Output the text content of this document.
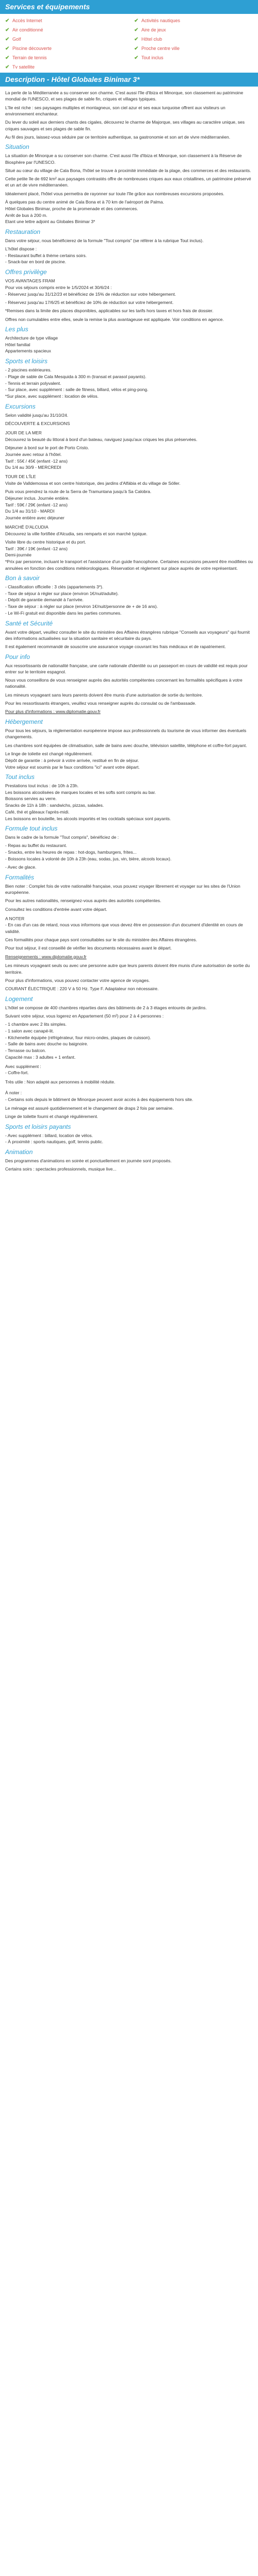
Services et équipements
✔ Accès Internet	✔ Activités nautiques
✔ Air conditionné	✔ Aire de jeux
✔ Golf	✔ Hôtel club
✔ Piscine découverte	✔ Proche centre ville
✔ Terrain de tennis	✔ Tout inclus
✔ Tv satellite
Description - Hôtel Globales Binimar 3*

La perle de la Méditerranée a su conserver son charme. C'est aussi l'île d'Ibiza et Minorque, son classement au patrimoine mondial de l'UNESCO, et ses plages de sable fin, criques et villages typiques.

L'île est riche : ses paysages multiples et montagneux, son ciel azur et ses eaux turquoise offrent aux visiteurs un environnement enchanteur.

Du lever du soleil aux derniers chants des cigales, découvrez le charme de Majorque, ses villages au caractère unique, ses criques sauvages et ses plages de sable fin.

Au fil des jours, laissez-vous séduire par ce territoire authentique, sa gastronomie et son art de vivre méditerranéen.

Situation

La situation de Minorque a su conserver son charme. C'est aussi l'île d'Ibiza et Minorque, son classement à la Réserve de Biosphère par l'UNESCO.

Situé au cœur du village de Cala Bona, l'hôtel se trouve à proximité immédiate de la plage, des commerces et des restaurants.

Cette petite île de 692 km² aux paysages contrastés offre de nombreuses criques aux eaux cristallines, un patrimoine préservé et un art de vivre méditerranéen.

Idéalement placé, l'hôtel vous permettra de rayonner sur toute l'île grâce aux nombreuses excursions proposées.

À quelques pas du centre animé de Cala Bona et à 70 km de l'aéroport de Palma.

Hôtel Globales Binimar, proche de la promenade et des commerces.

Arrêt de bus à 200 m.

Etant une lettre adjoint au Globales Binimar 3*

Restauration

Dans votre séjour, nous bénéficierez de la formule "Tout compris" (se référer à la rubrique Tout inclus).

L'hôtel dispose :

- Restaurant buffet à thème certains soirs.

- Snack-bar en bord de piscine.

Offres privilège

VOS AVANTAGES FRAM

Pour vos séjours compris entre le 1/5/2024 et 30/6/24 :

- Réservez jusqu'au 31/12/23 et bénéficiez de 15% de réduction sur votre hébergement.

- Réservez jusqu'au 17/6/25 et bénéficiez de 10% de réduction sur votre hébergement.

*Remises dans la limite des places disponibles, applicables sur les tarifs hors taxes et hors frais de dossier.

Offres non cumulables entre elles, seule la remise la plus avantageuse est appliquée. Voir conditions en agence.

Les plus

Architecture de type village

Hôtel familial

Appartements spacieux

Sports et loisirs

- 2 piscines extérieures.

- Plage de sable de Cala Mesquida à 300 m (transat et parasol payants).

- Tennis et terrain polyvalent.

- Sur place, avec supplément : salle de fitness, billard, vélos et ping-pong.

*Sur place, avec supplément : location de vélos.

Excursions

Selon validité jusqu'au 31/10/24.

DÉCOUVERTE & EXCURSIONS

JOUR DE LA MER

Découvrez la beauté du littoral à bord d'un bateau, naviguez jusqu'aux criques les plus préservées.

Déjeuner à bord sur le port de Porto Cristo.

Journée avec retour à l'hôtel.

Tarif : 55€ / 45€ (enfant -12 ans)

Du 1/4 au 30/9 - MERCREDI

TOUR DE L'ÎLE

Visite de Valldemossa et son centre historique, des jardins d'Alfàbia et du village de Sóller.

Puis vous prendrez la route de la Serra de Tramuntana jusqu'à Sa Calobra.

Déjeuner inclus. Journée entière.

Tarif : 59€ / 29€ (enfant -12 ans)

Du 1/4 au 31/10 - MARDI

Journée entière avec déjeuner

MARCHÉ D'ALCUDIA

Découvrez la ville fortifiée d'Alcudia, ses remparts et son marché typique.

Visite libre du centre historique et du port.

Tarif : 39€ / 19€ (enfant -12 ans)

Demi-journée

*Prix par personne, incluant le transport et l'assistance d'un guide francophone. Certaines excursions peuvent être modifiées ou annulées en fonction des conditions météorologiques. Réservation et règlement sur place auprès de votre représentant.

Bon à savoir

- Classification officielle : 3 clés (appartements 3*).

- Taxe de séjour à régler sur place (environ 1€/nuit/adulte).

- Dépôt de garantie demandé à l'arrivée.

- Taxe de séjour : à régler sur place (environ 1€/nuit/personne de + de 16 ans).

- Le Wi-Fi gratuit est disponible dans les parties communes.

Santé et Sécurité

Avant votre départ, veuillez consulter le site du ministère des Affaires étrangères rubrique "Conseils aux voyageurs" qui fournit des informations actualisées sur la situation sanitaire et sécuritaire du pays.

Il est également recommandé de souscrire une assurance voyage couvrant les frais médicaux et de rapatriement.

Pour info

Aux ressortissants de nationalité française, une carte nationale d'identité ou un passeport en cours de validité est requis pour entrer sur le territoire espagnol.

Nous vous conseillons de vous renseigner auprès des autorités compétentes concernant les formalités spécifiques à votre nationalité.

Les mineurs voyageant sans leurs parents doivent être munis d'une autorisation de sortie du territoire.

Pour les ressortissants étrangers, veuillez vous renseigner auprès du consulat ou de l'ambassade.

Pour plus d'informations : www.diplomatie.gouv.fr

Hébergement

Pour tous les séjours, la réglementation européenne impose aux professionnels du tourisme de vous informer des éventuels changements.

Les chambres sont équipées de climatisation, salle de bains avec douche, télévision satellite, téléphone et coffre-fort payant.

Le linge de toilette est changé régulièrement.

Dépôt de garantie : à prévoir à votre arrivée, restitué en fin de séjour.

Votre séjour est soumis par le faux conditions "ici" avant votre départ.

Tout inclus

Prestations tout inclus : de 10h à 23h.

Les boissons alcoolisées de marques locales et les softs sont compris au bar.

Boissons servies au verre.

Snacks de 11h à 18h : sandwichs, pizzas, salades.

Café, thé et gâteaux l'après-midi.

Les boissons en bouteille, les alcools importés et les cocktails spéciaux sont payants.

Formule tout inclus

Dans le cadre de la formule "Tout compris", bénéficiez de :

- Repas au buffet du restaurant.

- Snacks, entre les heures de repas : hot-dogs, hamburgers, frites...

- Boissons locales à volonté de 10h à 23h (eau, sodas, jus, vin, bière, alcools locaux).

- Avec de glace.

Formalités

Bien noter : Complet fois de votre nationalité française, vous pouvez voyager librement et voyager sur les sites de l'Union européenne.

Pour les autres nationalités, renseignez-vous auprès des autorités compétentes.

Consultez les conditions d'entrée avant votre départ.

A NOTER

- En cas d'un cas de retard, nous vous informons que vous devez être en possession d'un document d'identité en cours de validité.

Ces formalités pour chaque pays sont consultables sur le site du ministère des Affaires étrangères.

Pour tout séjour, il est conseillé de vérifier les documents nécessaires avant le départ.

Renseignements : www.diplomatie.gouv.fr

Les mineurs voyageant seuls ou avec une personne autre que leurs parents doivent être munis d'une autorisation de sortie du territoire.

Pour plus d'informations, vous pouvez contacter votre agence de voyages.

COURANT ÉLECTRIQUE : 220 V à 50 Hz. Type F. Adaptateur non nécessaire.

Logement

L'hôtel se compose de 400 chambres réparties dans des bâtiments de 2 à 3 étages entourés de jardins.

Suivant votre séjour, vous logerez en Appartement (50 m²) pour 2 à 4 personnes :

- 1 chambre avec 2 lits simples.

- 1 salon avec canapé-lit.

- Kitchenette équipée (réfrigérateur, four micro-ondes, plaques de cuisson).

- Salle de bains avec douche ou baignoire.

- Terrasse ou balcon.

Capacité max : 3 adultes + 1 enfant.

Avec supplément :

- Coffre-fort.

Très utile : Non adapté aux personnes à mobilité réduite.

À noter :

- Certains sols depuis le bâtiment de Minorque peuvent avoir accès à des équipements hors site.

Le ménage est assuré quotidiennement et le changement de draps 2 fois par semaine.

Linge de toilette fourni et changé régulièrement.

Sports et loisirs payants

- Avec supplément : billard, location de vélos.

- À proximité : sports nautiques, golf, tennis public.

Animation

Des programmes d'animations en soirée et ponctuellement en journée sont proposés.

Certains soirs : spectacles professionnels, musique live...
